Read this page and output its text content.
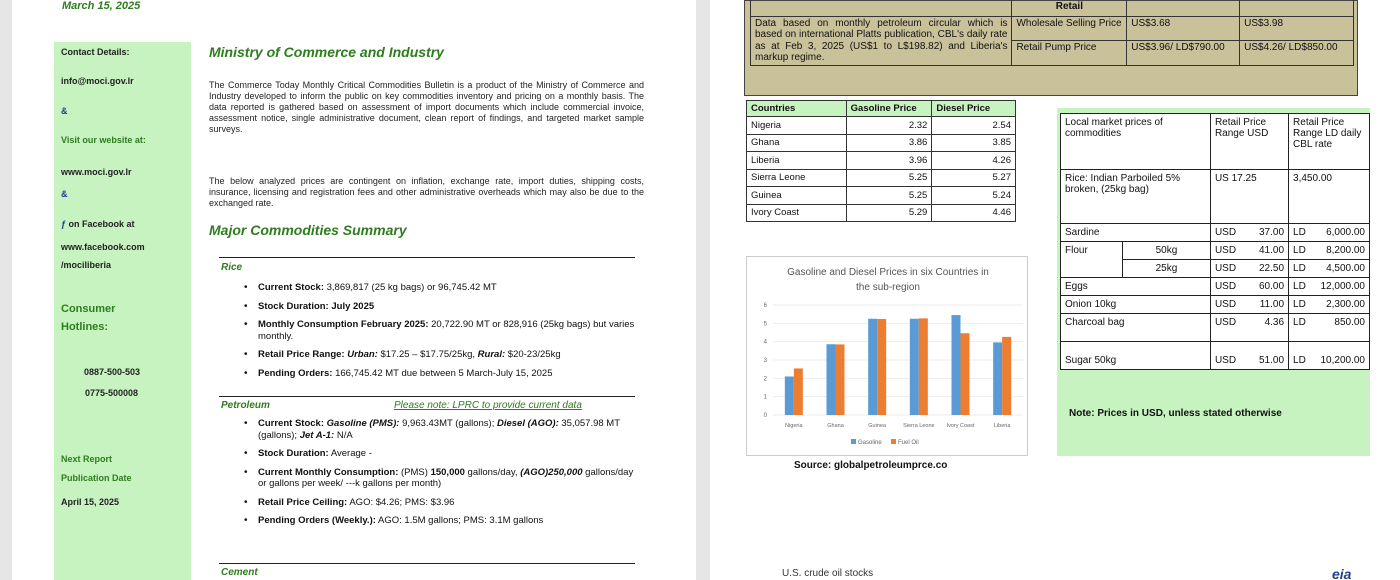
March 15, 2025
Contact Details:
info@moci.gov.lr
&
Visit our website at:
www.moci.gov.lr
&
ƒ on Facebook at
www.facebook.com
/mociliberia
Consumer
Hotlines:
0887-500-503
0775-500008
Next Report
Publication Date
April 15, 2025
Ministry of Commerce and Industry
The Commerce Today Monthly Critical Commodities Bulletin is a product of the Ministry of Commerce and Industry developed to inform the public on key commodities inventory and pricing on a monthly basis. The data reported is gathered based on assessment of import documents which include commercial invoice, assessment notice, single administrative document, clean report of findings, and targeted market sample surveys.
The below analyzed prices are contingent on inflation, exchange rate, import duties, shipping costs, insurance, licensing and registration fees and other administrative overheads which may also be due to the exchanged rate.
Major Commodities Summary
Rice
• Current Stock: 3,869,817 (25 kg bags) or 96,745.42 MT
• Stock Duration: July 2025
• Monthly Consumption February 2025: 20,722.90 MT or 828,916 (25kg bags) but varies monthly.
• Retail Price Range: Urban: $17.25 – $17.75/25kg, Rural: $20-23/25kg
• Pending Orders: 166,745.42 MT due between 5 March-July 15, 2025
Petroleum	Please note: LPRC to provide current data
• Current Stock: Gasoline (PMS): 9,963.43MT (gallons); Diesel (AGO): 35,057.98 MT (gallons); Jet A-1: N/A
• Stock Duration: Average -
• Current Monthly Consumption: (PMS) 150,000 gallons/day, (AGO)250,000 gallons/day or gallons per week/ ---k gallons per month)
• Retail Price Ceiling: AGO: $4.26; PMS: $3.96
• Pending Orders (Weekly.): AGO: 1.5M gallons; PMS: 3.1M gallons
Cement
	Retail		
Data based on monthly petroleum circular which is based on international Platts publication, CBL's daily rate as at Feb 3, 2025 (US$1 to L$198.82) and Liberia's markup regime.	Wholesale Selling Price	US$3.68	US$3.98
	Retail Pump Price	US$3.96/ LD$790.00	US$4.26/ LD$850.00
Countries	Gasoline Price	Diesel Price
Nigeria	2.32	2.54
Ghana	3.86	3.85
Liberia	3.96	4.26
Sierra Leone	5.25	5.27
Guinea	5.25	5.24
Ivory Coast	5.29	4.46
Gasoline and Diesel Prices in six Countries in
the sub-region
0
1
2
3
4
5
6
Nigeria	Ghana	Guinea	Sierra Leone Ivory Coast	Liberia
Gasoline	Fuel Oil
Source: globalpetroleumprce.co
Local market prices of commodities		Retail Price Range USD		Retail Price Range LD daily CBL rate	
Rice: Indian Parboiled 5% broken, (25kg bag)		US 17.25		3,450.00	
Sardine		USD	37.00	LD	6,000.00
Flour	50kg	USD	41.00	LD	8,200.00
	25kg	USD	22.50	LD	4,500.00
Eggs		USD	60.00	LD	12,000.00
Onion 10kg		USD	11.00	LD	2,300.00
Charcoal bag		USD	4.36	LD	850.00
Sugar 50kg		USD	51.00	LD	10,200.00
Note: Prices in USD, unless stated otherwise
U.S. crude oil stocks	eia
